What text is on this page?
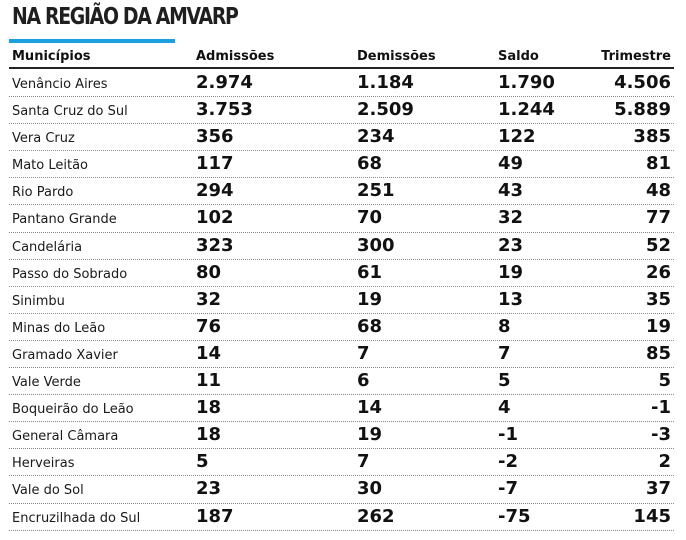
NA REGIÃO DA AMVARP
Municípios	Admissões	Demissões	Saldo	Trimestre
Venâncio Aires	2.974	1.184	1.790	4.506
Santa Cruz do Sul	3.753	2.509	1.244	5.889
Vera Cruz	356	234	122	385
Mato Leitão	117	68	49	81
Rio Pardo	294	251	43	48
Pantano Grande	102	70	32	77
Candelária	323	300	23	52
Passo do Sobrado	80	61	19	26
Sinimbu	32	19	13	35
Minas do Leão	76	68	8	19
Gramado Xavier	14	7	7	85
Vale Verde	11	6	5	5
Boqueirão do Leão	18	14	4	-1
General Câmara	18	19	-1	-3
Herveiras	5	7	-2	2
Vale do Sol	23	30	-7	37
Encruzilhada do Sul	187	262	-75	145
